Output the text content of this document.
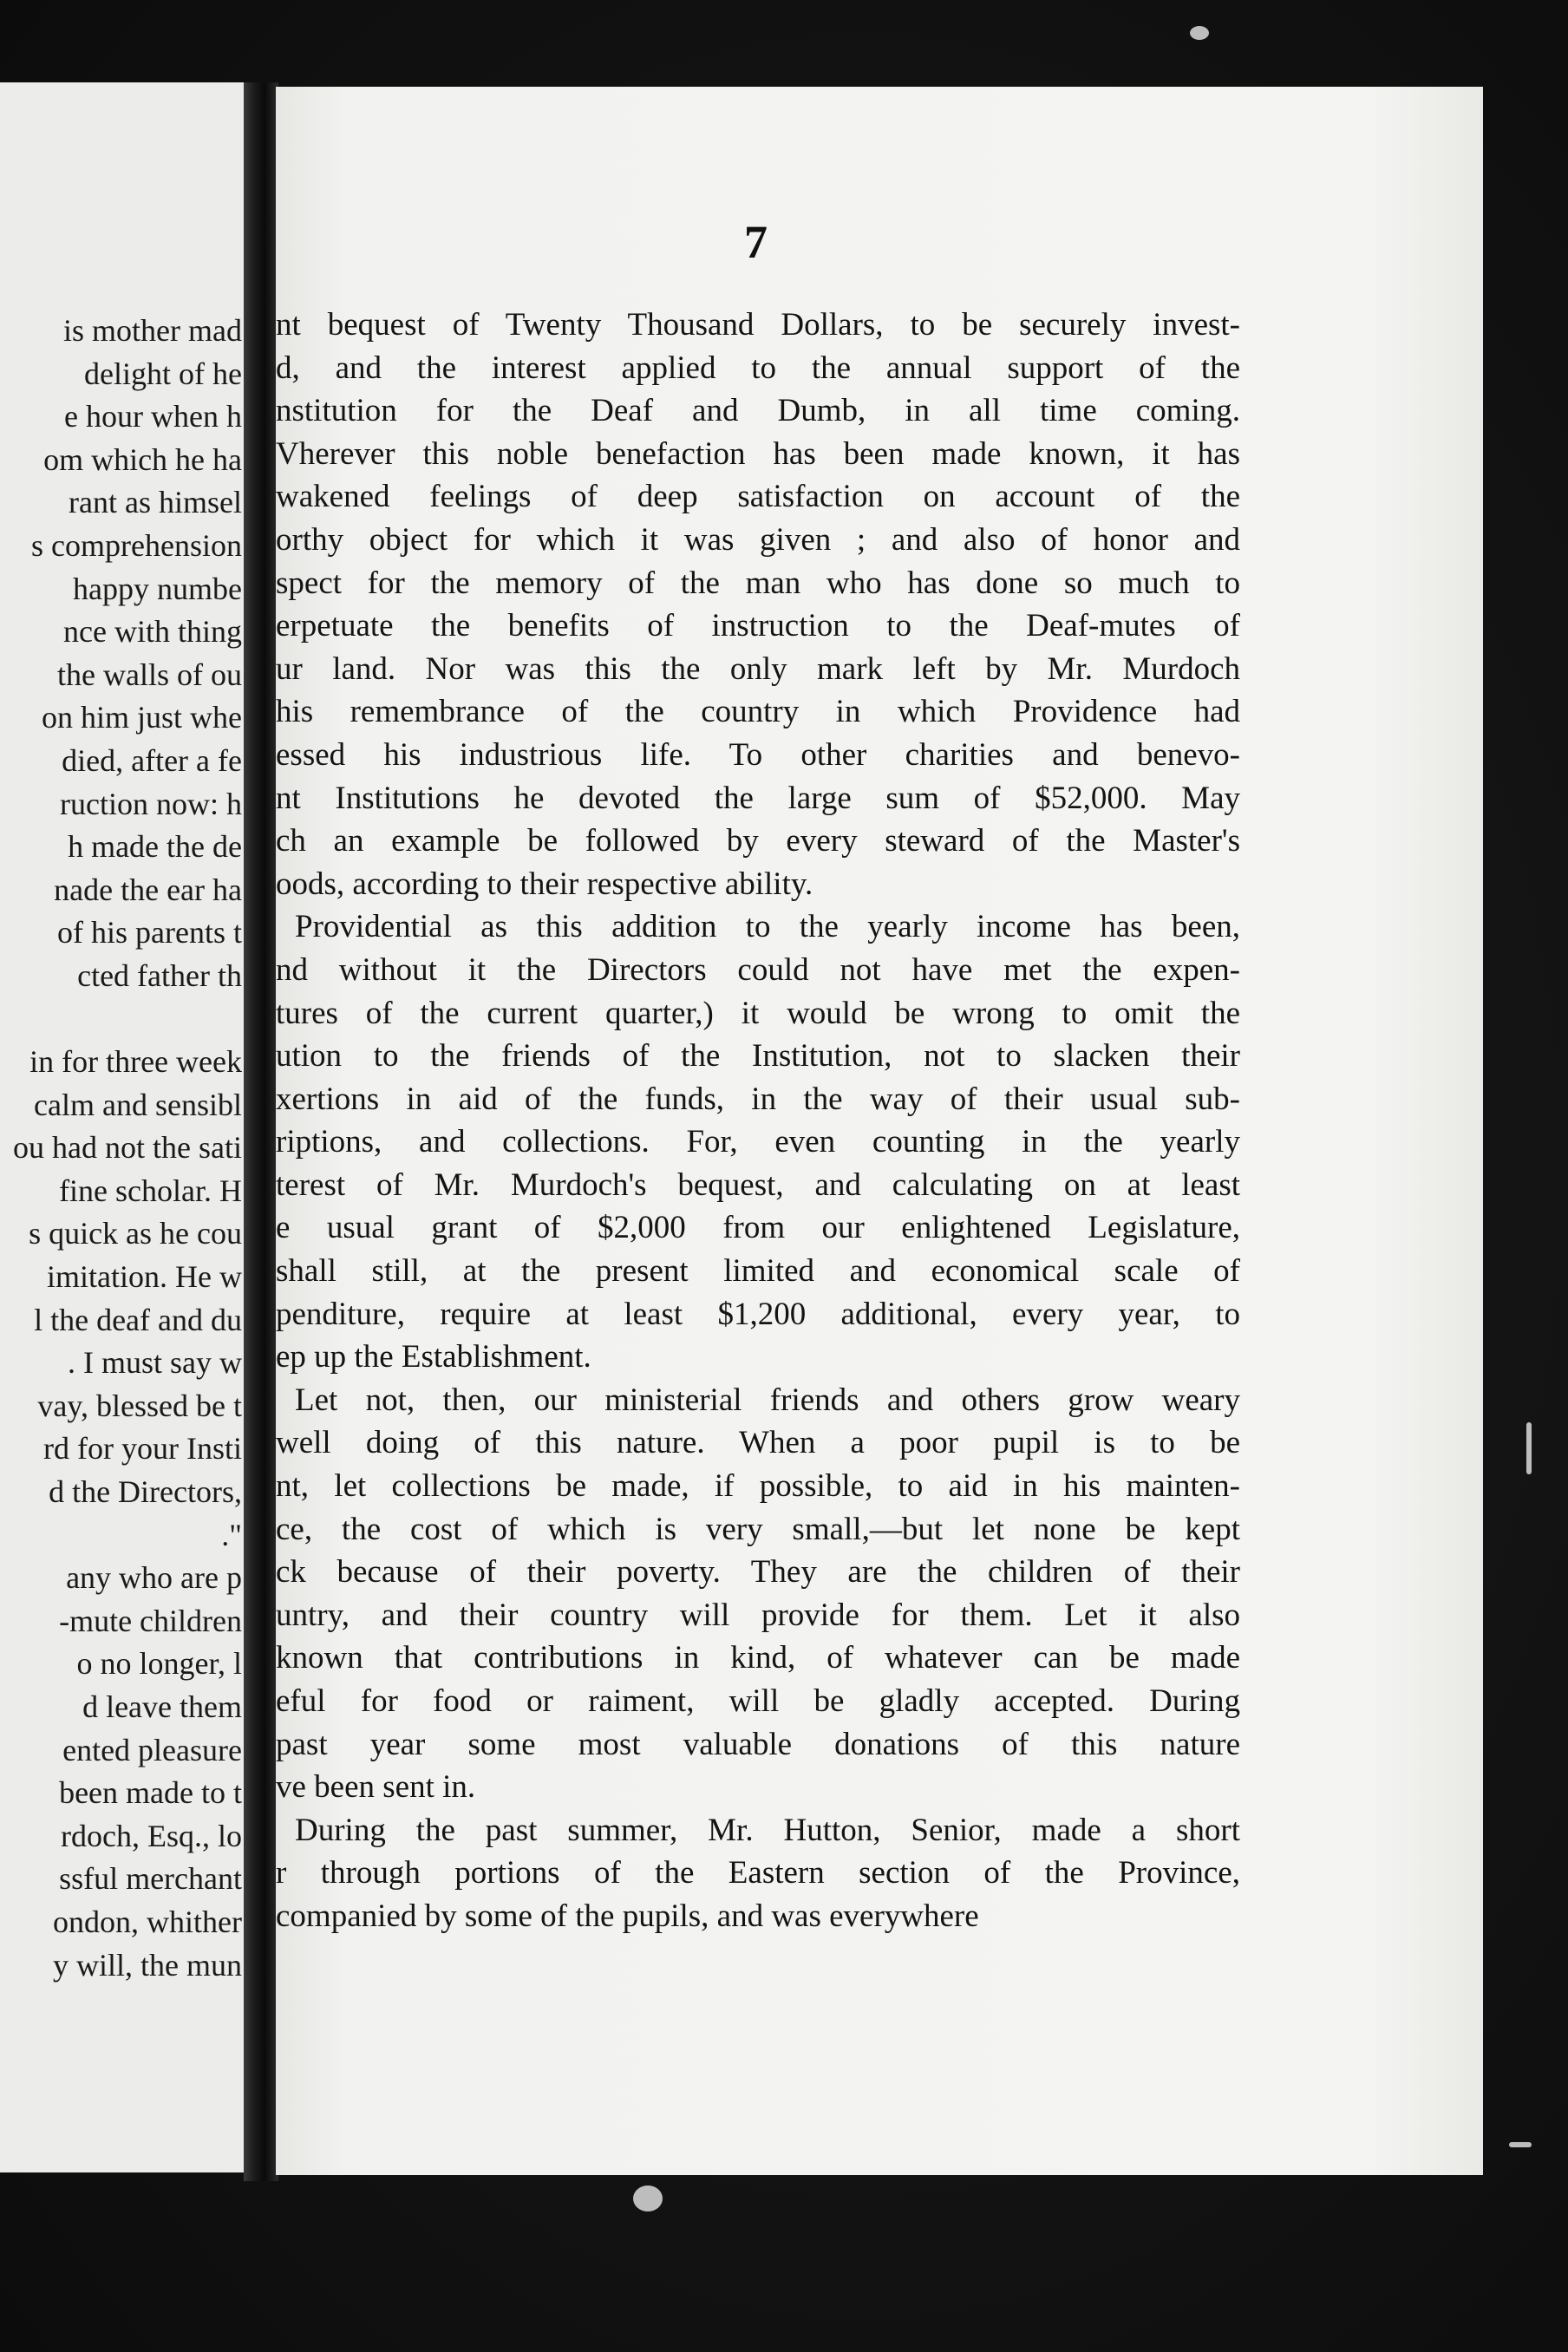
is mother mad
delight of he
e hour when h
om which he ha
rant as himsel
s comprehension
happy numbe
nce with thing
the walls of ou
on him just whe
died, after a fe
ruction now: h
h made the de
nade the ear ha
of his parents t
cted father th
in for three week
calm and sensibl
ou had not the sati
fine scholar. H
s quick as he cou
imitation. He w
l the deaf and du
. I must say w
vay, blessed be t
rd for your Insti
d the Directors,
."
any who are p
-mute children
o no longer, l
d leave them
ented pleasure
been made to t
rdoch, Esq., lo
ssful merchant
ondon, whither
y will, the mun
7
nt bequest of Twenty Thousand Dollars, to be securely invest-
d, and the interest applied to the annual support of the
nstitution for the Deaf and Dumb, in all time coming.
Vherever this noble benefaction has been made known, it has
wakened feelings of deep satisfaction on account of the
orthy object for which it was given ; and also of honor and
spect for the memory of the man who has done so much to
erpetuate the benefits of instruction to the Deaf-mutes of
ur land. Nor was this the only mark left by Mr. Murdoch
his remembrance of the country in which Providence had
essed his industrious life. To other charities and benevo-
nt Institutions he devoted the large sum of $52,000. May
ch an example be followed by every steward of the Master's
oods, according to their respective ability.
Providential as this addition to the yearly income has been,
nd without it the Directors could not have met the expen-
tures of the current quarter,) it would be wrong to omit the
ution to the friends of the Institution, not to slacken their
xertions in aid of the funds, in the way of their usual sub-
riptions, and collections. For, even counting in the yearly
terest of Mr. Murdoch's bequest, and calculating on at least
e usual grant of $2,000 from our enlightened Legislature,
shall still, at the present limited and economical scale of
penditure, require at least $1,200 additional, every year, to
ep up the Establishment.
Let not, then, our ministerial friends and others grow weary
well doing of this nature. When a poor pupil is to be
nt, let collections be made, if possible, to aid in his mainten-
ce, the cost of which is very small,—but let none be kept
ck because of their poverty. They are the children of their
untry, and their country will provide for them. Let it also
known that contributions in kind, of whatever can be made
eful for food or raiment, will be gladly accepted. During
past year some most valuable donations of this nature
ve been sent in.
During the past summer, Mr. Hutton, Senior, made a short
r through portions of the Eastern section of the Province,
companied by some of the pupils, and was everywhere
